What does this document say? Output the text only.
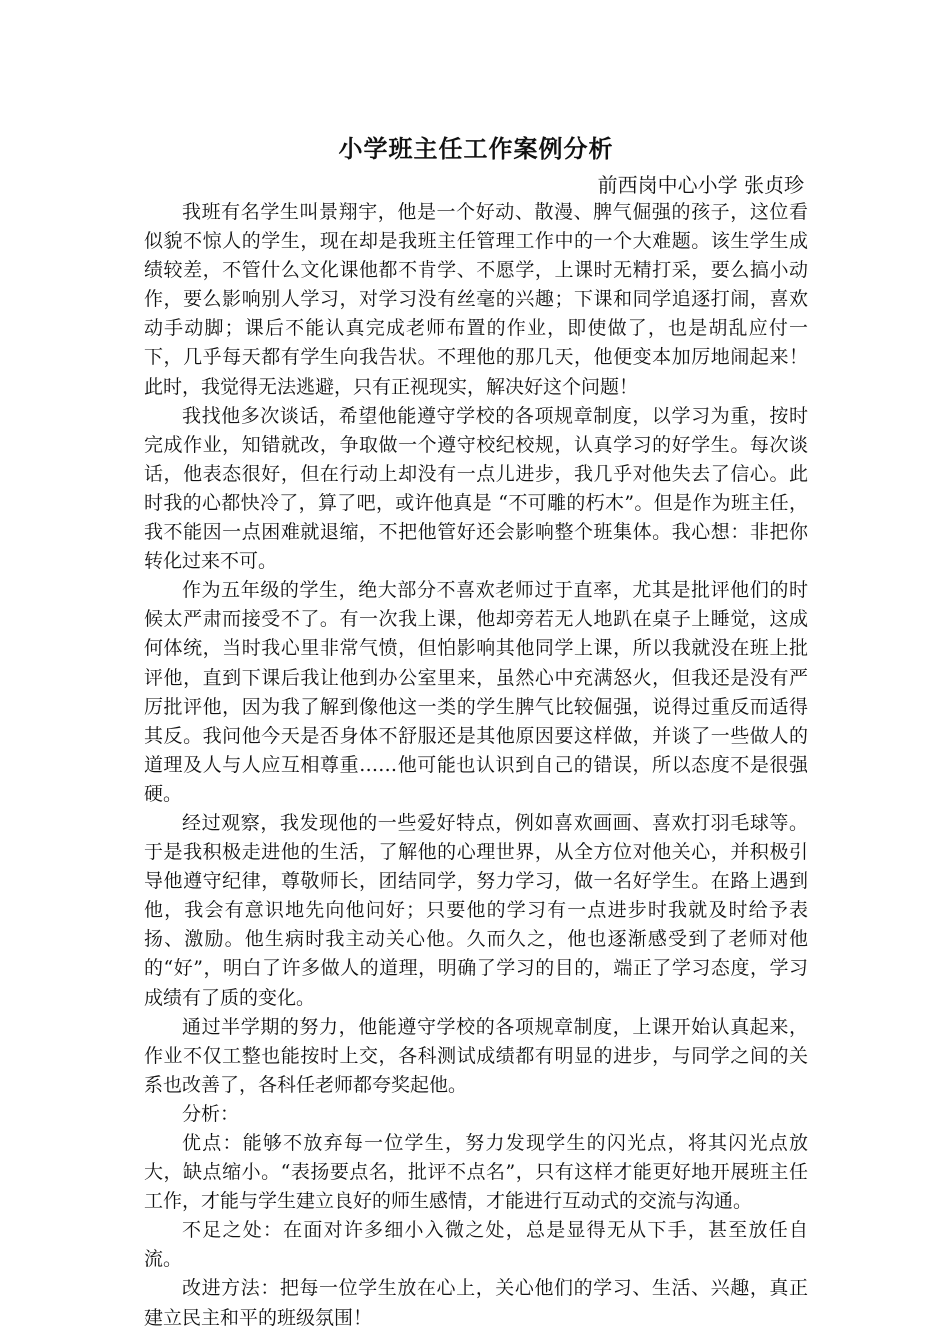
小学班主任工作案例分析
前西岗中心小学 张贞珍

我班有名学生叫景翔宇，他是一个好动、散漫、脾气倔强的孩子，这位看似貌不惊人的学生，现在却是我班主任管理工作中的一个大难题。该生学生成绩较差，不管什么文化课他都不肯学、不愿学，上课时无精打采，要么搞小动作，要么影响别人学习，对学习没有丝毫的兴趣；下课和同学追逐打闹，喜欢动手动脚；课后不能认真完成老师布置的作业，即使做了，也是胡乱应付一下，几乎每天都有学生向我告状。不理他的那几天，他便变本加厉地闹起来！此时，我觉得无法逃避，只有正视现实，解决好这个问题！

我找他多次谈话，希望他能遵守学校的各项规章制度，以学习为重，按时完成作业，知错就改，争取做一个遵守校纪校规，认真学习的好学生。每次谈话，他表态很好，但在行动上却没有一点儿进步，我几乎对他失去了信心。此时我的心都快冷了，算了吧，或许他真是 “不可雕的朽木”。但是作为班主任，我不能因一点困难就退缩，不把他管好还会影响整个班集体。我心想：非把你转化过来不可。

作为五年级的学生，绝大部分不喜欢老师过于直率，尤其是批评他们的时候太严肃而接受不了。有一次我上课，他却旁若无人地趴在桌子上睡觉，这成何体统，当时我心里非常气愤，但怕影响其他同学上课，所以我就没在班上批评他，直到下课后我让他到办公室里来，虽然心中充满怒火，但我还是没有严厉批评他，因为我了解到像他这一类的学生脾气比较倔强，说得过重反而适得其反。我问他今天是否身体不舒服还是其他原因要这样做，并谈了一些做人的道理及人与人应互相尊重……他可能也认识到自己的错误，所以态度不是很强硬。

经过观察，我发现他的一些爱好特点，例如喜欢画画、喜欢打羽毛球等。于是我积极走进他的生活，了解他的心理世界，从全方位对他关心，并积极引导他遵守纪律，尊敬师长，团结同学，努力学习，做一名好学生。在路上遇到他，我会有意识地先向他问好；只要他的学习有一点进步时我就及时给予表扬、激励。他生病时我主动关心他。久而久之，他也逐渐感受到了老师对他的“好”，明白了许多做人的道理，明确了学习的目的，端正了学习态度，学习成绩有了质的变化。

通过半学期的努力，他能遵守学校的各项规章制度，上课开始认真起来，作业不仅工整也能按时上交，各科测试成绩都有明显的进步，与同学之间的关系也改善了，各科任老师都夸奖起他。

分析：

优点：能够不放弃每一位学生，努力发现学生的闪光点，将其闪光点放大，缺点缩小。“表扬要点名，批评不点名”，只有这样才能更好地开展班主任工作，才能与学生建立良好的师生感情，才能进行互动式的交流与沟通。

不足之处：在面对许多细小入微之处，总是显得无从下手，甚至放任自流。

改进方法：把每一位学生放在心上，关心他们的学习、生活、兴趣，真正建立民主和平的班级氛围！
